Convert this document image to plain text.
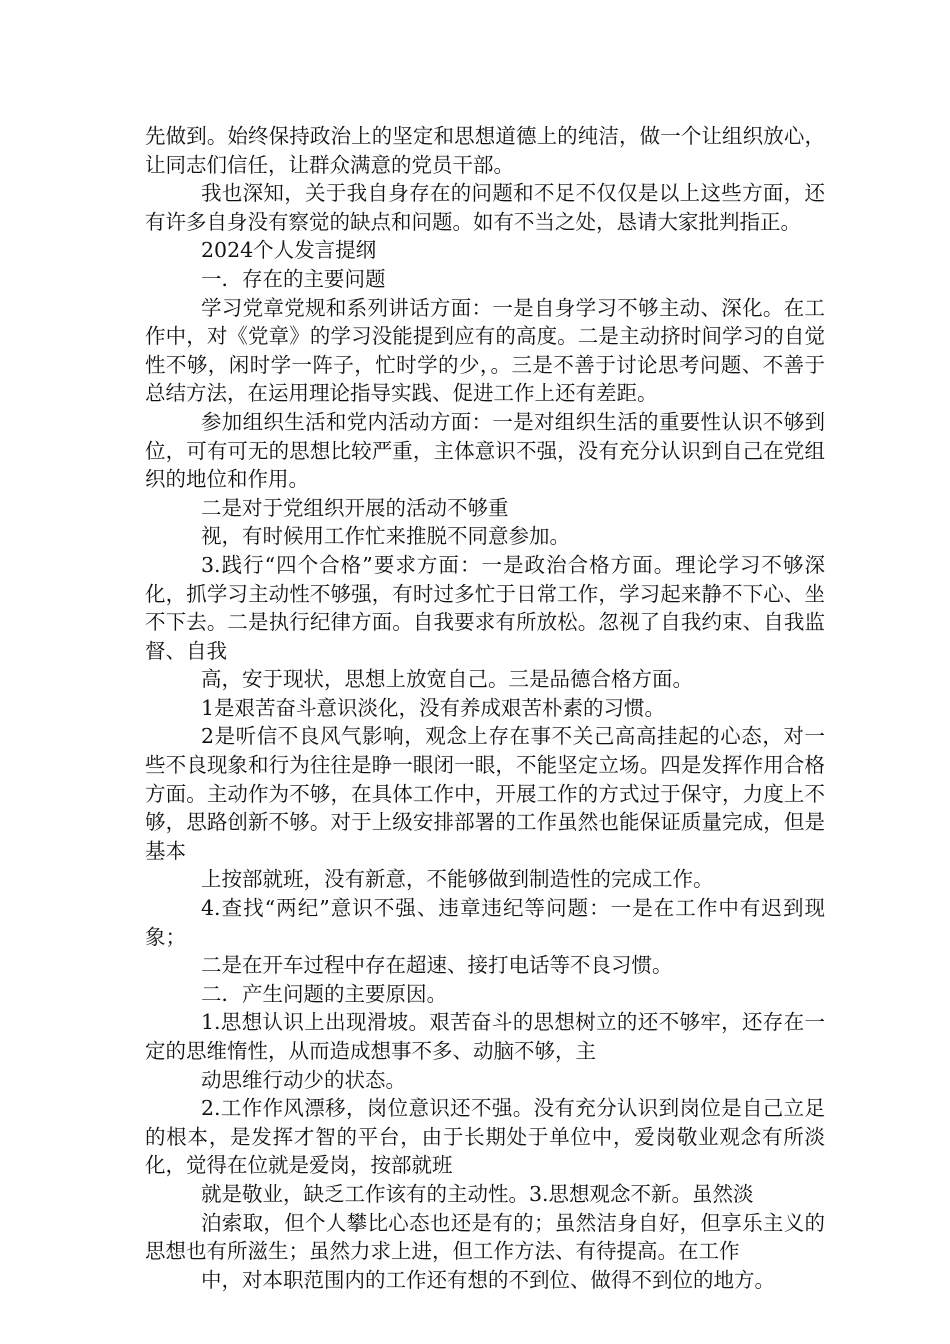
先做到。始终保持政治上的坚定和思想道德上的纯洁，做一个让组织放心，让同志们信任，让群众满意的党员干部。

我也深知，关于我自身存在的问题和不足不仅仅是以上这些方面，还有许多自身没有察觉的缺点和问题。如有不当之处，恳请大家批判指正。

2024个人发言提纲

一．存在的主要问题

学习党章党规和系列讲话方面：一是自身学习不够主动、深化。在工作中，对《党章》的学习没能提到应有的高度。二是主动挤时间学习的自觉性不够，闲时学一阵子，忙时学的少，。三是不善于讨论思考问题、不善于总结方法，在运用理论指导实践、促进工作上还有差距。

参加组织生活和党内活动方面：一是对组织生活的重要性认识不够到位，可有可无的思想比较严重，主体意识不强，没有充分认识到自己在党组织的地位和作用。

二是对于党组织开展的活动不够重

视，有时候用工作忙来推脱不同意参加。

3.践行“四个合格”要求方面：一是政治合格方面。理论学习不够深化，抓学习主动性不够强，有时过多忙于日常工作，学习起来静不下心、坐不下去。二是执行纪律方面。自我要求有所放松。忽视了自我约束、自我监督、自我

高，安于现状，思想上放宽自己。三是品德合格方面。

1是艰苦奋斗意识淡化，没有养成艰苦朴素的习惯。

2是听信不良风气影响，观念上存在事不关己高高挂起的心态，对一些不良现象和行为往往是睁一眼闭一眼，不能坚定立场。四是发挥作用合格方面。主动作为不够，在具体工作中，开展工作的方式过于保守，力度上不够，思路创新不够。对于上级安排部署的工作虽然也能保证质量完成，但是基本

上按部就班，没有新意，不能够做到制造性的完成工作。

4.查找“两纪”意识不强、违章违纪等问题：一是在工作中有迟到现象；

二是在开车过程中存在超速、接打电话等不良习惯。

二．产生问题的主要原因。

1.思想认识上出现滑坡。艰苦奋斗的思想树立的还不够牢，还存在一定的思维惰性，从而造成想事不多、动脑不够，主

动思维行动少的状态。

2.工作作风漂移，岗位意识还不强。没有充分认识到岗位是自己立足的根本，是发挥才智的平台，由于长期处于单位中，爱岗敬业观念有所淡化，觉得在位就是爱岗，按部就班

就是敬业，缺乏工作该有的主动性。3.思想观念不新。虽然淡

泊索取，但个人攀比心态也还是有的；虽然洁身自好，但享乐主义的思想也有所滋生；虽然力求上进，但工作方法、有待提高。在工作

中，对本职范围内的工作还有想的不到位、做得不到位的地方。
